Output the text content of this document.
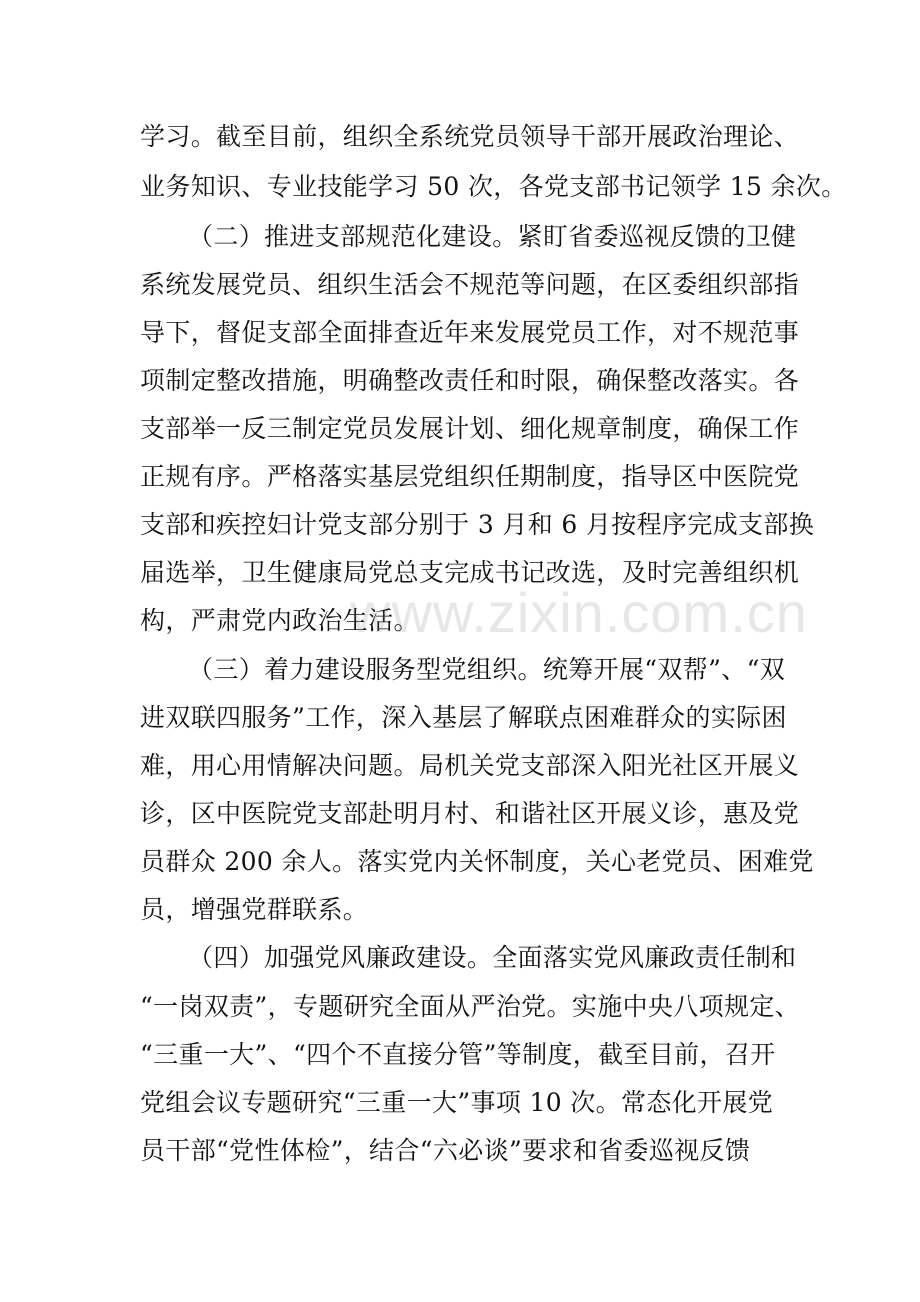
学习。截至目前，组织全系统党员领导干部开展政治理论、
业务知识、专业技能学习 50 次，各党支部书记领学 15 余次。
（二）推进支部规范化建设。紧盯省委巡视反馈的卫健
系统发展党员、组织生活会不规范等问题，在区委组织部指
导下，督促支部全面排查近年来发展党员工作，对不规范事
项制定整改措施，明确整改责任和时限，确保整改落实。各
支部举一反三制定党员发展计划、细化规章制度，确保工作
正规有序。严格落实基层党组织任期制度，指导区中医院党
支部和疾控妇计党支部分别于 3 月和 6 月按程序完成支部换
届选举，卫生健康局党总支完成书记改选，及时完善组织机
构，严肃党内政治生活。
（三）着力建设服务型党组织。统筹开展“双帮”、“双
进双联四服务”工作，深入基层了解联点困难群众的实际困
难，用心用情解决问题。局机关党支部深入阳光社区开展义
诊，区中医院党支部赴明月村、和谐社区开展义诊，惠及党
员群众 200 余人。落实党内关怀制度，关心老党员、困难党
员，增强党群联系。
（四）加强党风廉政建设。全面落实党风廉政责任制和
“一岗双责”，专题研究全面从严治党。实施中央八项规定、
“三重一大”、“四个不直接分管”等制度，截至目前，召开
党组会议专题研究“三重一大”事项 10 次。常态化开展党
员干部“党性体检”，结合“六必谈”要求和省委巡视反馈
www.zixin.com.cn
